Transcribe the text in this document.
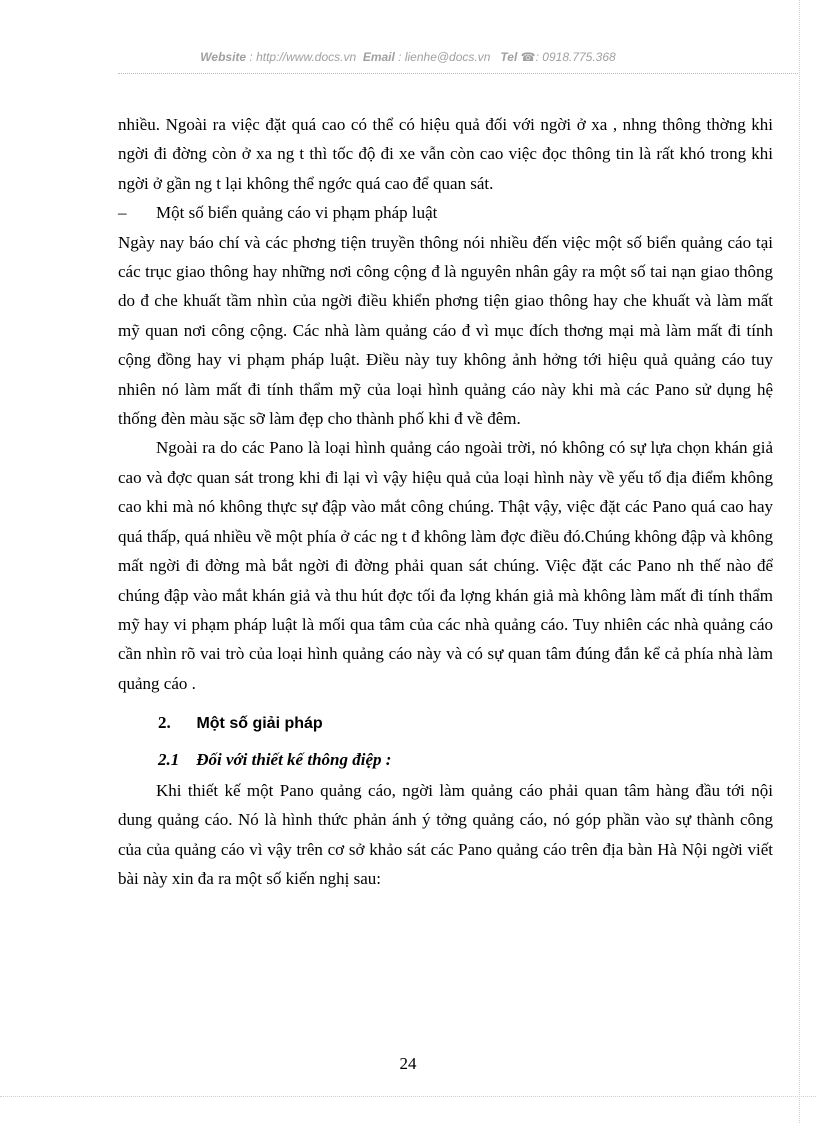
Website : http://www.docs.vn Email : lienhe@docs.vn Tel ☎: 0918.775.368

nhiều. Ngoài ra việc đặt quá cao có thể có hiệu quả đối với ngời ở xa , nhng thông thờng khi ngời đi đờng còn ở xa ng t thì tốc độ đi xe vẫn còn cao việc đọc thông tin là rất khó trong khi ngời ở gần ng t lại không thể ngớc quá cao để quan sát.

–	Một số biển quảng cáo vi phạm pháp luật

Ngày nay báo chí và các phơng tiện truyền thông nói nhiều đến việc một số biển quảng cáo tại các trục giao thông hay những nơi công cộng đ là nguyên nhân gây ra một số tai nạn giao thông do đ che khuất tầm nhìn của ngời điều khiển phơng tiện giao thông hay che khuất và làm mất mỹ quan nơi công cộng. Các nhà làm quảng cáo đ vì mục đích thơng mại mà làm mất đi tính cộng đồng hay vi phạm pháp luật. Điều này tuy không ảnh hởng tới hiệu quả quảng cáo tuy nhiên nó làm mất đi tính thẩm mỹ của loại hình quảng cáo này khi mà các Pano sử dụng hệ thống đèn màu sặc sỡ làm đẹp cho thành phố khi đ về đêm.

Ngoài ra do các Pano là loại hình quảng cáo ngoài trời, nó không có sự lựa chọn khán giả cao và đợc quan sát trong khi đi lại vì vậy hiệu quả của loại hình này về yếu tố địa điểm không cao khi mà nó không thực sự đập vào mắt công chúng. Thật vậy, việc đặt các Pano quá cao hay quá thấp, quá nhiều về một phía ở các ng t đ không làm đợc điều đó.Chúng không đập và không mất ngời đi đờng mà bắt ngời đi đờng phải quan sát chúng. Việc đặt các Pano nh thế nào để chúng đập vào mắt khán giả và thu hút đợc tối đa lợng khán giả mà không làm mất đi tính thẩm mỹ hay vi phạm pháp luật là mối qua tâm của các nhà quảng cáo. Tuy nhiên các nhà quảng cáo cần nhìn rõ vai trò của loại hình quảng cáo này và có sự quan tâm đúng đắn kể cả phía nhà làm quảng cáo .

2. Một số giải pháp
2.1 Đối với thiết kế thông điệp :

Khi thiết kế một Pano quảng cáo, ngời làm quảng cáo phải quan tâm hàng đầu tới nội dung quảng cáo. Nó là hình thức phản ánh ý tởng quảng cáo, nó góp phần vào sự thành công của của quảng cáo vì vậy trên cơ sở khảo sát các Pano quảng cáo trên địa bàn Hà Nội ngời viết bài này xin đa ra một số kiến nghị sau:

24
